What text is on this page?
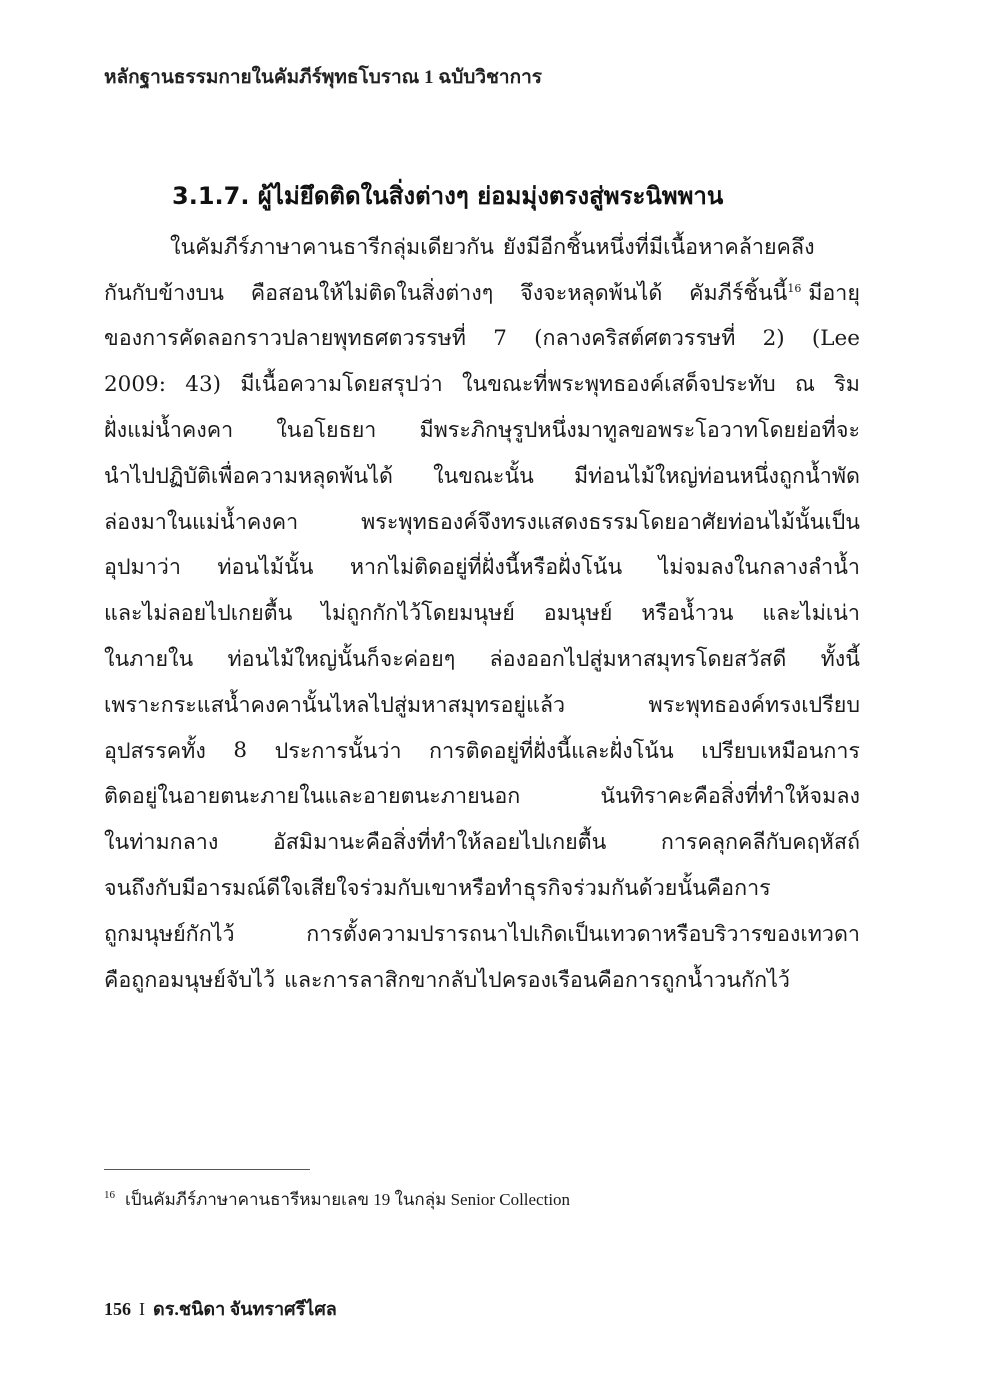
หลักฐานธรรมกายในคัมภีร์พุทธโบราณ 1 ฉบับวิชาการ
3.1.7. ผู้ไม่ยึดติดในสิ่งต่างๆ ย่อมมุ่งตรงสู่พระนิพพาน
ในคัมภีร์ภาษาคานธารีกลุ่มเดียวกัน ยังมีอีกชิ้นหนึ่งที่มีเนื้อหาคล้ายคลึง
กันกับข้างบน คือสอนให้ไม่ติดในสิ่งต่างๆ จึงจะหลุดพ้นได้ คัมภีร์ชิ้นนี้$^{16}$ มีอายุ
ของการคัดลอกราวปลายพุทธศตวรรษที่ 7 (กลางคริสต์ศตวรรษที่ 2) (Lee
2009: 43) มีเนื้อความโดยสรุปว่า ในขณะที่พระพุทธองค์เสด็จประทับ ณ ริม
ฝั่งแม่น้ำคงคา ในอโยธยา มีพระภิกษุรูปหนึ่งมาทูลขอพระโอวาทโดยย่อที่จะ
นำไปปฏิบัติเพื่อความหลุดพ้นได้ ในขณะนั้น มีท่อนไม้ใหญ่ท่อนหนึ่งถูกน้ำพัด
ล่องมาในแม่น้ำคงคา	พระพุทธองค์จึงทรงแสดงธรรมโดยอาศัยท่อนไม้นั้นเป็น
อุปมาว่า ท่อนไม้นั้น หากไม่ติดอยู่ที่ฝั่งนี้หรือฝั่งโน้น ไม่จมลงในกลางลำน้ำ
และไม่ลอยไปเกยตื้น ไม่ถูกกักไว้โดยมนุษย์ อมนุษย์ หรือน้ำวน และไม่เน่า
ในภายใน ท่อนไม้ใหญ่นั้นก็จะค่อยๆ ล่องออกไปสู่มหาสมุทรโดยสวัสดี ทั้งนี้
เพราะกระแสน้ำคงคานั้นไหลไปสู่มหาสมุทรอยู่แล้ว	พระพุทธองค์ทรงเปรียบ
อุปสรรคทั้ง 8 ประการนั้นว่า การติดอยู่ที่ฝั่งนี้และฝั่งโน้น เปรียบเหมือนการ
ติดอยู่ในอายตนะภายในและอายตนะภายนอก	นันทิราคะคือสิ่งที่ทำให้จมลง
ในท่ามกลาง	อัสมิมานะคือสิ่งที่ทำให้ลอยไปเกยตื้น	การคลุกคลีกับคฤหัสถ์
จนถึงกับมีอารมณ์ดีใจเสียใจร่วมกับเขาหรือทำธุรกิจร่วมกันด้วยนั้นคือการ
ถูกมนุษย์กักไว้	การตั้งความปรารถนาไปเกิดเป็นเทวดาหรือบริวารของเทวดา
คือถูกอมนุษย์จับไว้ และการลาสิกขากลับไปครองเรือนคือการถูกน้ำวนกักไว้
$^{16}$ เป็นคัมภีร์ภาษาคานธารีหมายเลข 19 ในกลุ่ม Senior Collection
156 I ดร.ชนิดา จันทราศรีไศล
